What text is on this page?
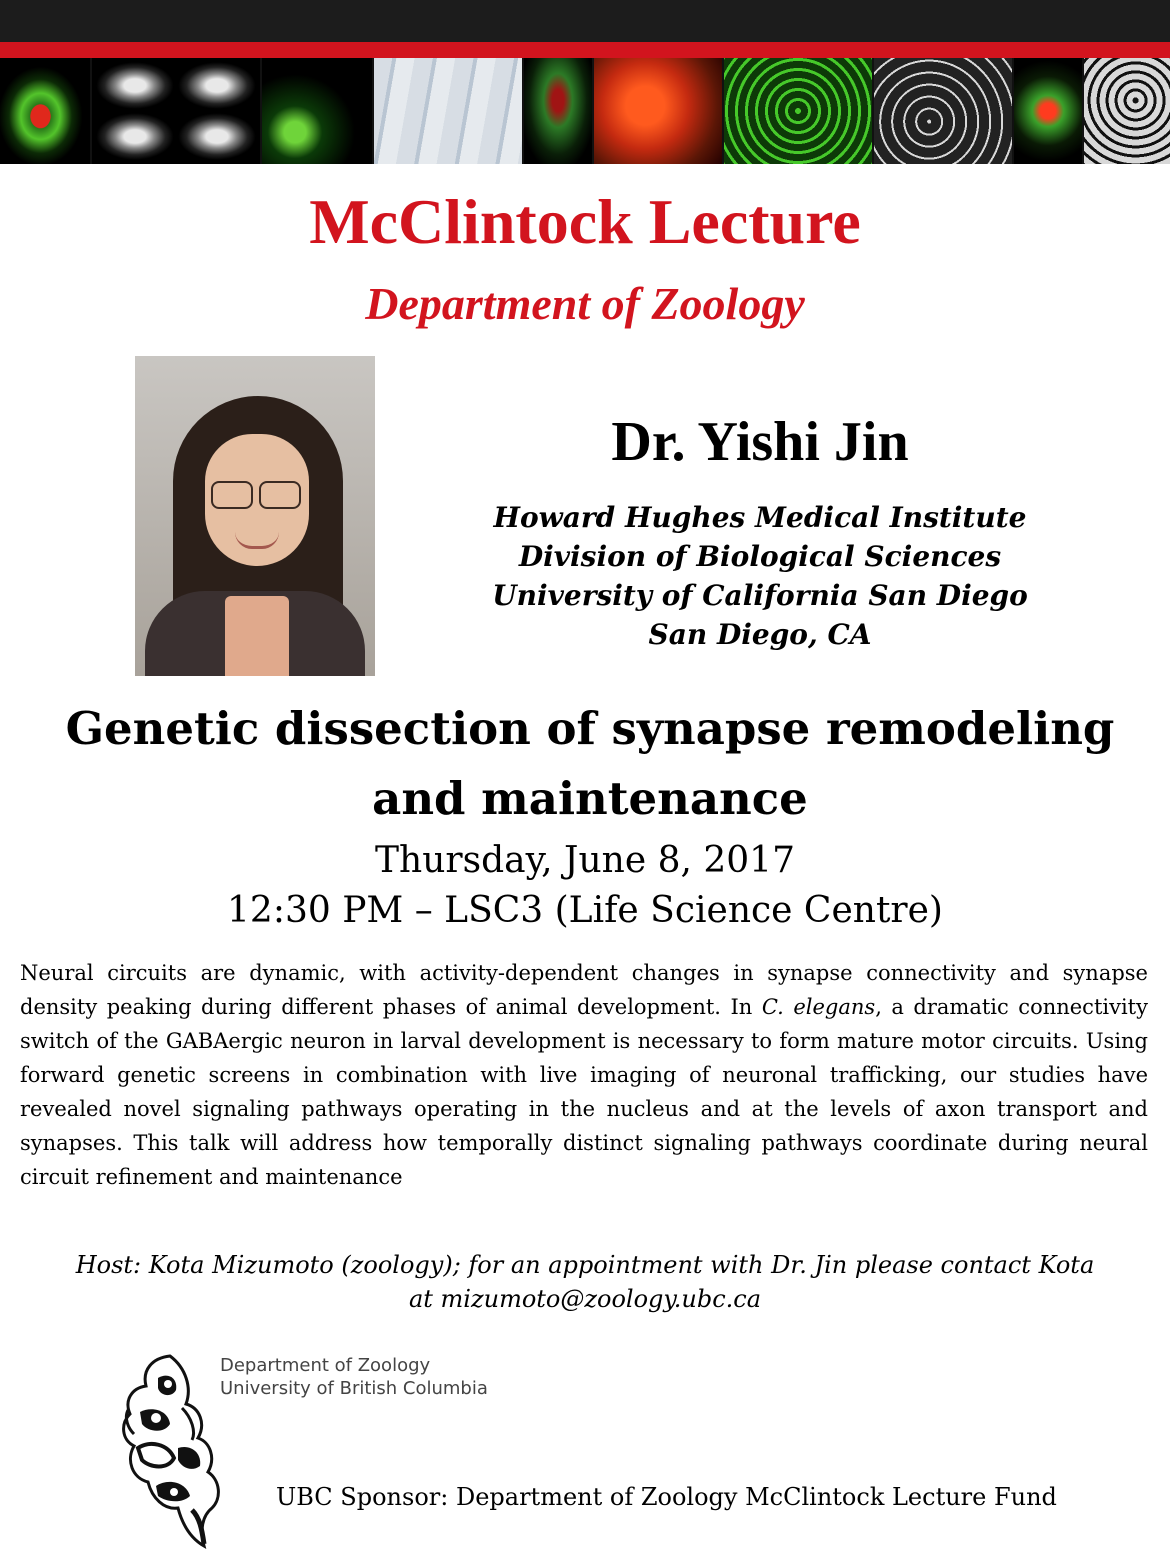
McClintock Lecture
Department of Zoology
Dr. Yishi Jin
Howard Hughes Medical Institute
Division of Biological Sciences
University of California San Diego
San Diego, CA
Genetic dissection of synapse remodeling
and maintenance
Thursday, June 8, 2017
12:30 PM – LSC3 (Life Science Centre)
Neural circuits are dynamic, with activity-dependent changes in synapse connectivity and synapse density peaking during different phases of animal development. In C. elegans, a dramatic connectivity switch of the GABAergic neuron in larval development is necessary to form mature motor circuits. Using forward genetic screens in combination with live imaging of neuronal trafficking, our studies have revealed novel signaling pathways operating in the nucleus and at the levels of axon transport and synapses. This talk will address how temporally distinct signaling pathways coordinate during neural circuit refinement and maintenance
Host: Kota Mizumoto (zoology); for an appointment with Dr. Jin please contact Kota
at mizumoto@zoology.ubc.ca
Department of Zoology
University of British Columbia
UBC Sponsor: Department of Zoology McClintock Lecture Fund
